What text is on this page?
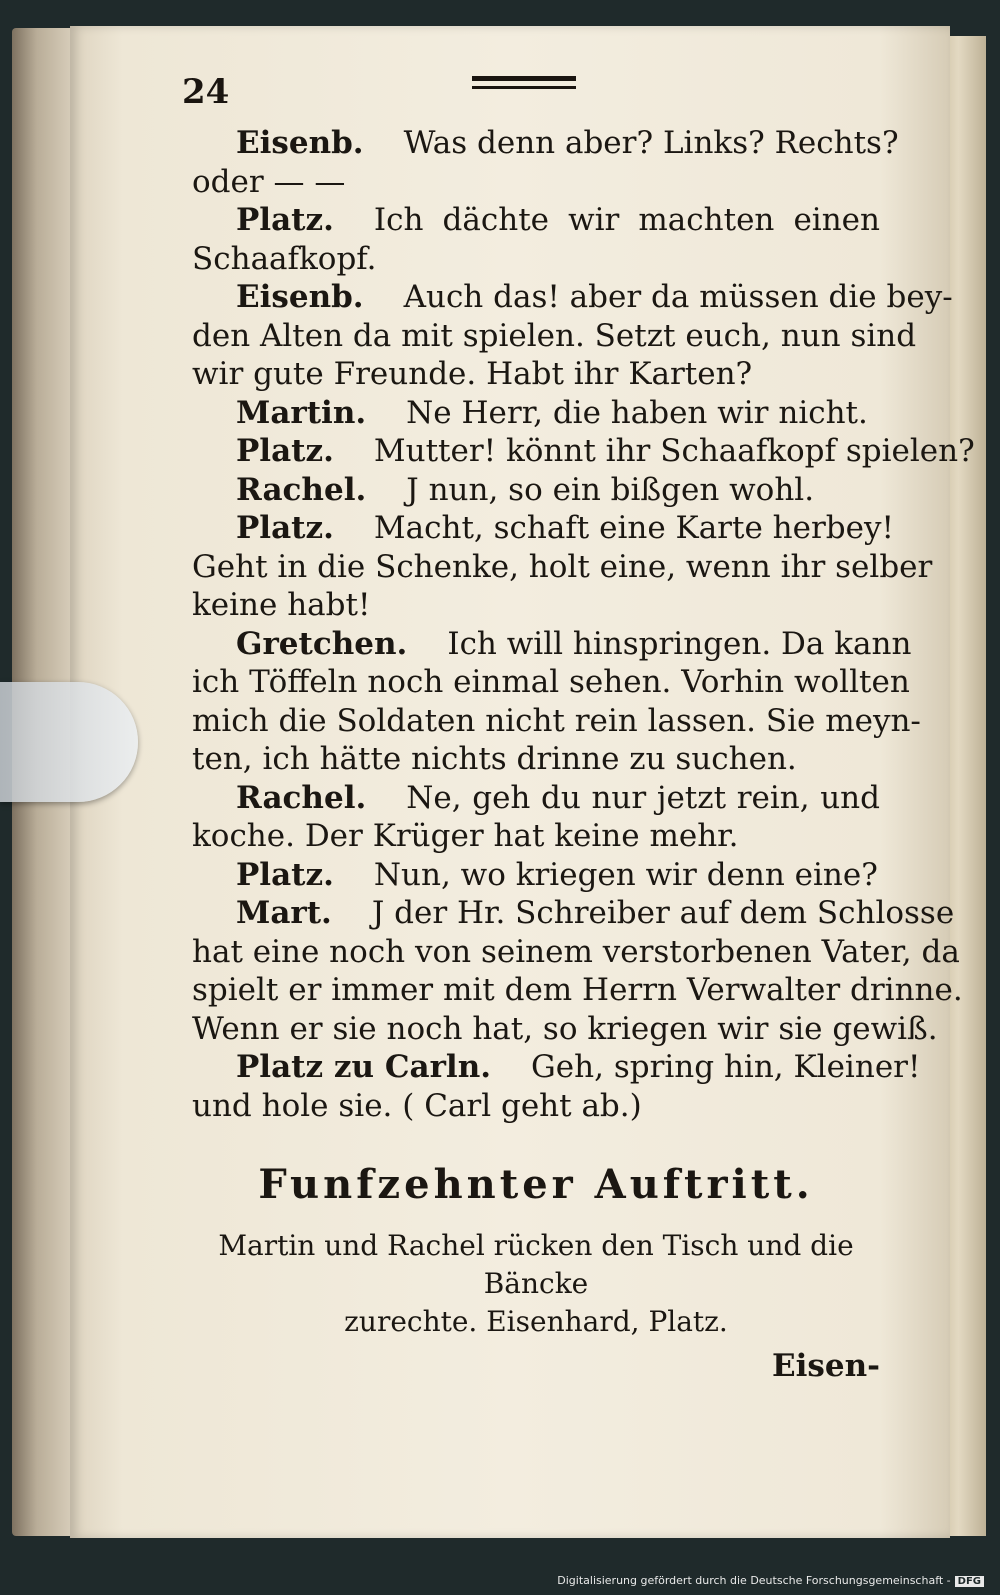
24
Eisenb. Was denn aber? Links? Rechts?
oder — —
Platz. Ich dächte wir machten einen
Schaafkopf.
Eisenb. Auch das! aber da müssen die bey-
den Alten da mit spielen. Setzt euch, nun sind
wir gute Freunde. Habt ihr Karten?
Martin. Ne Herr, die haben wir nicht.
Platz. Mutter! könnt ihr Schaafkopf spielen?
Rachel. J nun, so ein bißgen wohl.
Platz. Macht, schaft eine Karte herbey!
Geht in die Schenke, holt eine, wenn ihr selber
keine habt!
Gretchen. Ich will hinspringen. Da kann
ich Töffeln noch einmal sehen. Vorhin wollten
mich die Soldaten nicht rein lassen. Sie meyn-
ten, ich hätte nichts drinne zu suchen.
Rachel. Ne, geh du nur jetzt rein, und
koche. Der Krüger hat keine mehr.
Platz. Nun, wo kriegen wir denn eine?
Mart. J der Hr. Schreiber auf dem Schlosse
hat eine noch von seinem verstorbenen Vater, da
spielt er immer mit dem Herrn Verwalter drinne.
Wenn er sie noch hat, so kriegen wir sie gewiß.
Platz zu Carln. Geh, spring hin, Kleiner!
und hole sie. ( Carl geht ab.)
Funfzehnter Auftritt.
Martin und Rachel rücken den Tisch und die Bäncke
zurechte. Eisenhard, Platz.
Eisen-
Digitalisierung gefördert durch die Deutsche Forschungsgemeinschaft - DFG
